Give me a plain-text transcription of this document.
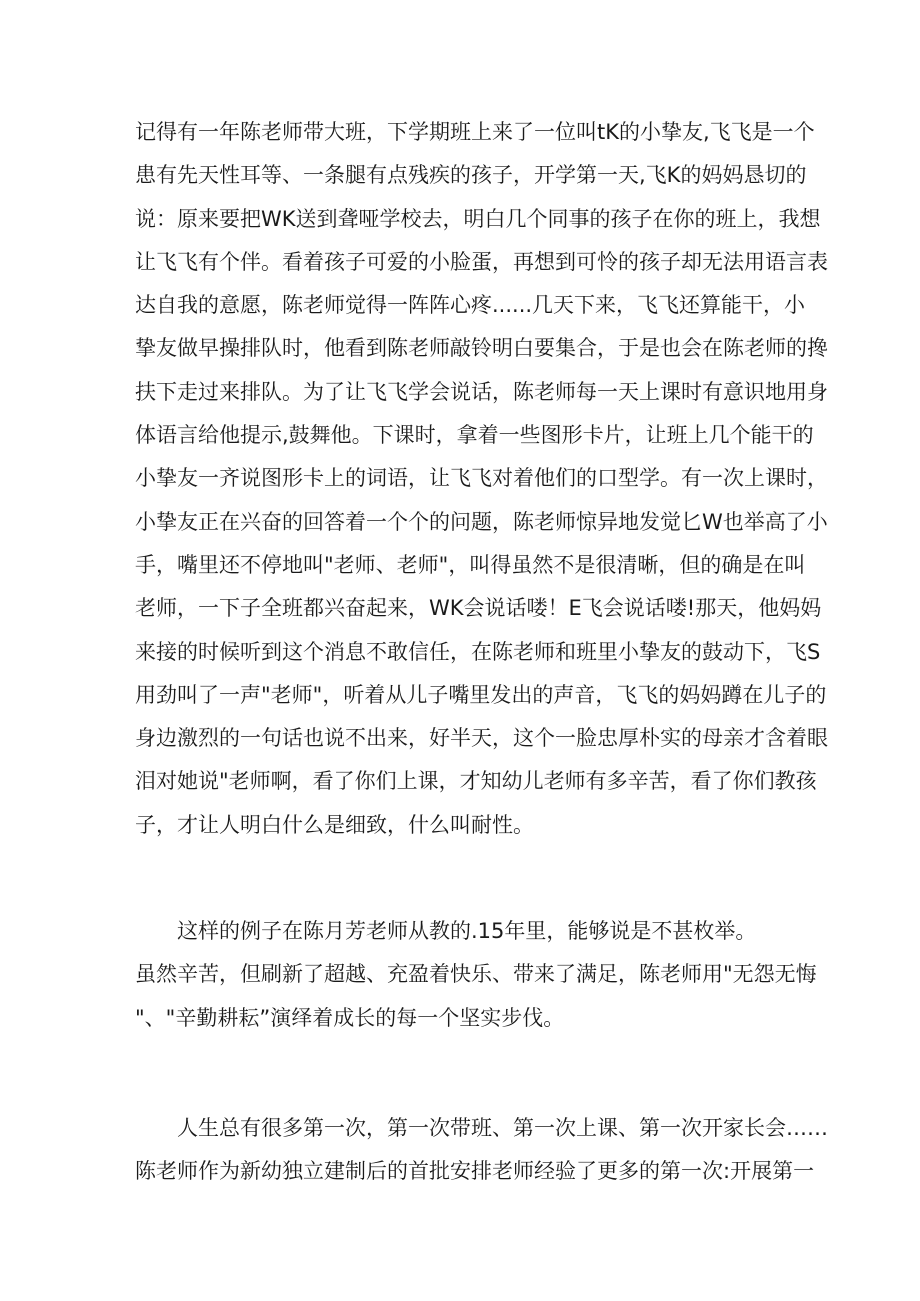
记得有一年陈老师带大班，下学期班上来了一位叫tK的小挚友,飞飞是一个
患有先天性耳等、一条腿有点残疾的孩子，开学第一天,飞K的妈妈恳切的
说：原来要把WK送到聋哑学校去，明白几个同事的孩子在你的班上，我想
让飞飞有个伴。看着孩子可爱的小脸蛋，再想到可怜的孩子却无法用语言表
达自我的意愿，陈老师觉得一阵阵心疼......几天下来，飞飞还算能干，小
挚友做早操排队时，他看到陈老师敲铃明白要集合，于是也会在陈老师的搀
扶下走过来排队。为了让飞飞学会说话，陈老师每一天上课时有意识地用身
体语言给他提示,鼓舞他。下课时，拿着一些图形卡片，让班上几个能干的
小挚友一齐说图形卡上的词语，让飞飞对着他们的口型学。有一次上课时，
小挚友正在兴奋的回答着一个个的问题，陈老师惊异地发觉匕W也举高了小
手，嘴里还不停地叫"老师、老师"，叫得虽然不是很清晰，但的确是在叫
老师，一下子全班都兴奋起来，WK会说话喽！E飞会说话喽!那天，他妈妈
来接的时候听到这个消息不敢信任，在陈老师和班里小挚友的鼓动下，飞S
用劲叫了一声"老师"，听着从儿子嘴里发出的声音，飞飞的妈妈蹲在儿子的
身边激烈的一句话也说不出来，好半天，这个一脸忠厚朴实的母亲才含着眼
泪对她说"老师啊，看了你们上课，才知幼儿老师有多辛苦，看了你们教孩
子，才让人明白什么是细致，什么叫耐性。
这样的例子在陈月芳老师从教的.15年里，能够说是不甚枚举。
虽然辛苦，但刷新了超越、充盈着快乐、带来了满足，陈老师用"无怨无悔
"、"辛勤耕耘”演绎着成长的每一个坚实步伐。
人生总有很多第一次，第一次带班、第一次上课、第一次开家长会……
陈老师作为新幼独立建制后的首批安排老师经验了更多的第一次:开展第一
